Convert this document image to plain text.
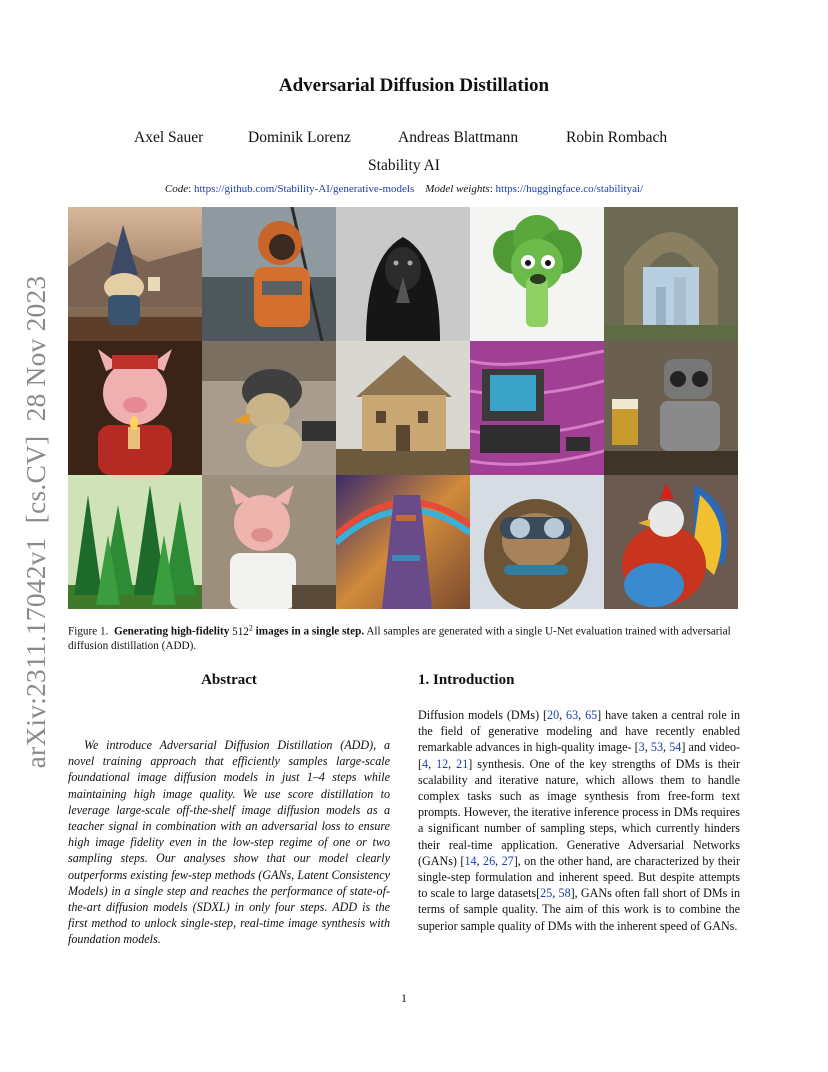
Adversarial Diffusion Distillation
Axel Sauer	Dominik Lorenz	Andreas Blattmann	Robin Rombach
Stability AI
Code: https://github.com/Stability-AI/generative-models Model weights: https://huggingface.co/stabilityai/
arXiv:2311.17042v1  [cs.CV]  28 Nov 2023 Figure 1. Generating high-fidelity $512^2$ images in a single step. All samples are generated with a single U-Net evaluation trained with adversarial diffusion distillation (ADD).
Abstract
We introduce Adversarial Diffusion Distillation (ADD), a novel training approach that efficiently samples large-scale foundational image diffusion models in just 1–4 steps while maintaining high image quality. We use score distillation to leverage large-scale off-the-shelf image diffusion models as a teacher signal in combination with an adversarial loss to ensure high image fidelity even in the low-step regime of one or two sampling steps. Our analyses show that our model clearly outperforms existing few-step methods (GANs, Latent Consistency Models) in a single step and reaches the performance of state-of-the-art diffusion models (SDXL) in only four steps. ADD is the first method to unlock single-step, real-time image synthesis with foundation models.
1. Introduction
Diffusion models (DMs) [20, 63, 65] have taken a central role in the field of generative modeling and have recently enabled remarkable advances in high-quality image- [3, 53, 54] and video- [4, 12, 21] synthesis. One of the key strengths of DMs is their scalability and iterative nature, which allows them to handle complex tasks such as image synthesis from free-form text prompts. However, the iterative inference process in DMs requires a significant number of sampling steps, which currently hinders their real-time application. Generative Adversarial Networks (GANs) [14, 26, 27], on the other hand, are characterized by their single-step formulation and inherent speed. But despite attempts to scale to large datasets[25, 58], GANs often fall short of DMs in terms of sample quality. The aim of this work is to combine the superior sample quality of DMs with the inherent speed of GANs.
1
